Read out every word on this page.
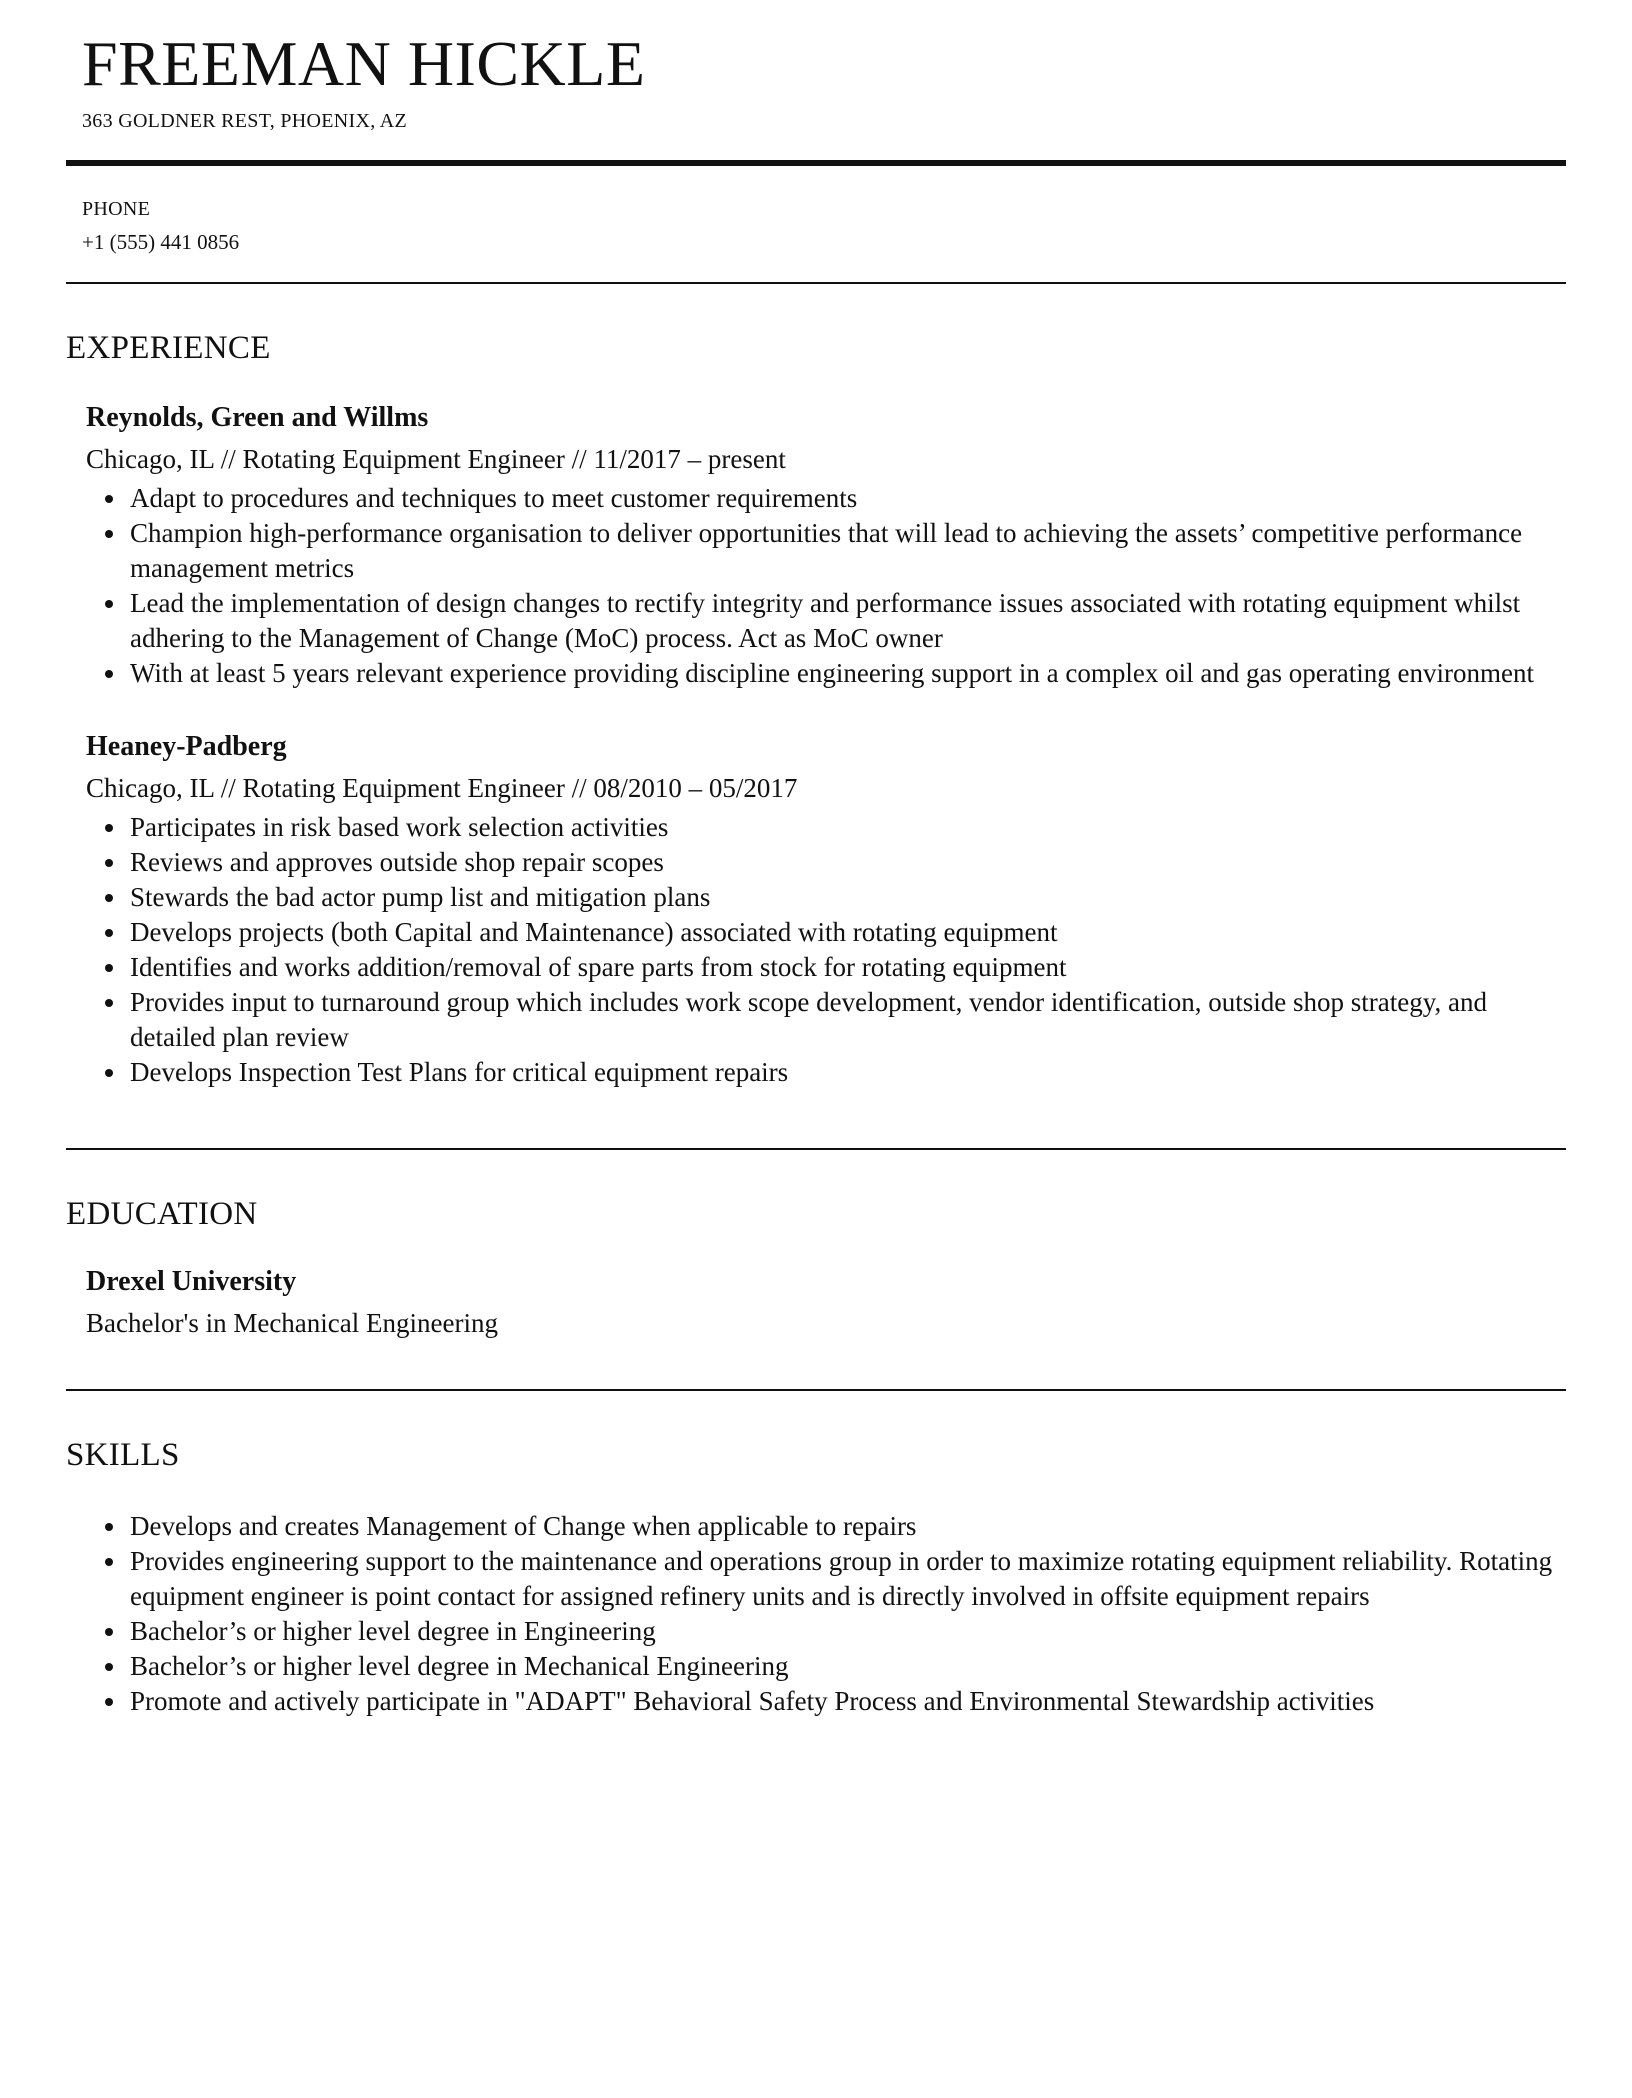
FREEMAN HICKLE
363 GOLDNER REST, PHOENIX, AZ
PHONE
+1 (555) 441 0856
EXPERIENCE
Reynolds, Green and Willms
Chicago, IL // Rotating Equipment Engineer // 11/2017 – present
• Adapt to procedures and techniques to meet customer requirements
• Champion high-performance organisation to deliver opportunities that will lead to achieving the assets’ competitive performance management metrics
• Lead the implementation of design changes to rectify integrity and performance issues associated with rotating equipment whilst adhering to the Management of Change (MoC) process. Act as MoC owner
• With at least 5 years relevant experience providing discipline engineering support in a complex oil and gas operating environment
Heaney-Padberg
Chicago, IL // Rotating Equipment Engineer // 08/2010 – 05/2017
• Participates in risk based work selection activities
• Reviews and approves outside shop repair scopes
• Stewards the bad actor pump list and mitigation plans
• Develops projects (both Capital and Maintenance) associated with rotating equipment
• Identifies and works addition/removal of spare parts from stock for rotating equipment
• Provides input to turnaround group which includes work scope development, vendor identification, outside shop strategy, and detailed plan review
• Develops Inspection Test Plans for critical equipment repairs
EDUCATION
Drexel University
Bachelor's in Mechanical Engineering
SKILLS
• Develops and creates Management of Change when applicable to repairs
• Provides engineering support to the maintenance and operations group in order to maximize rotating equipment reliability. Rotating equipment engineer is point contact for assigned refinery units and is directly involved in offsite equipment repairs
• Bachelor’s or higher level degree in Engineering
• Bachelor’s or higher level degree in Mechanical Engineering
• Promote and actively participate in "ADAPT" Behavioral Safety Process and Environmental Stewardship activities
